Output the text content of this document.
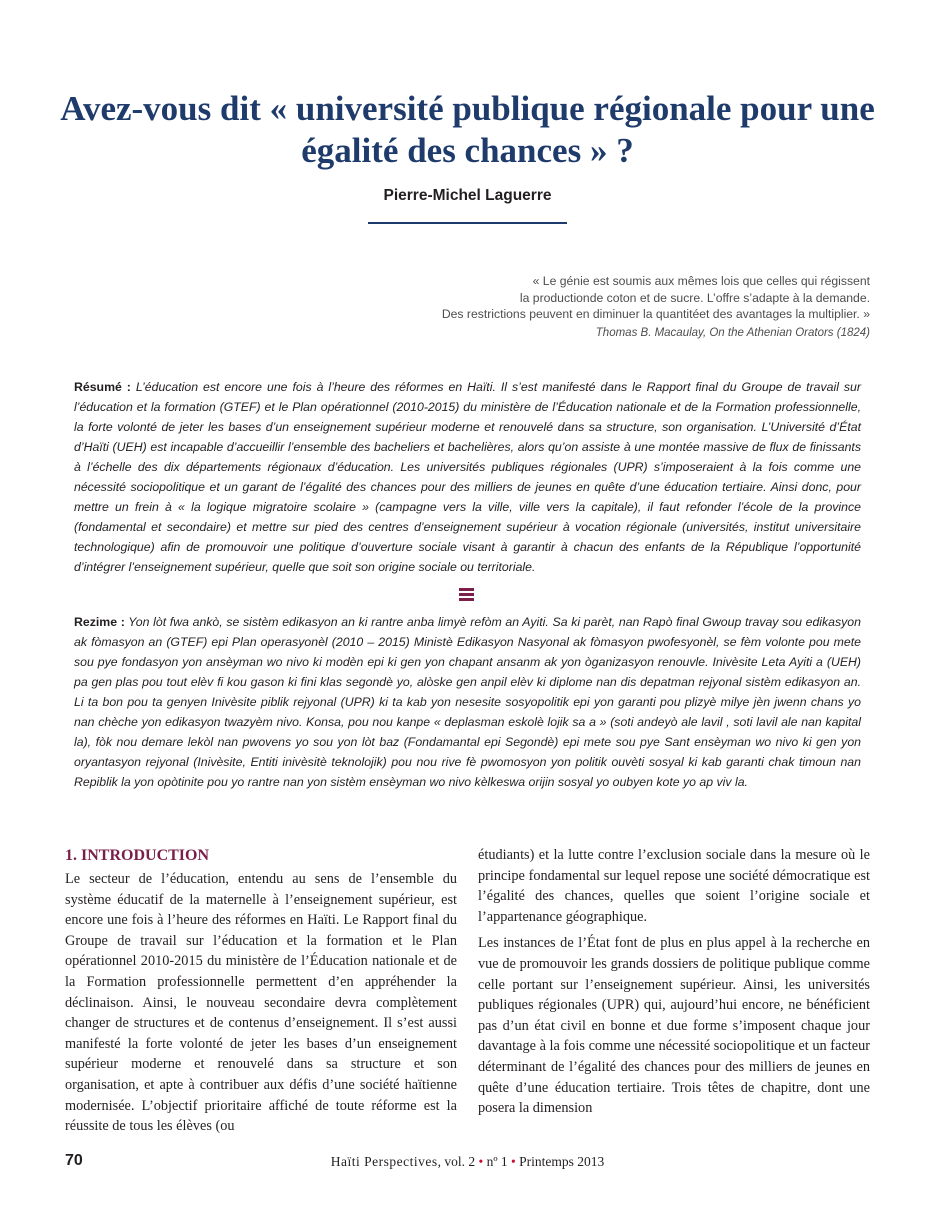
Avez-vous dit « université publique régionale pour une égalité des chances » ?
Pierre-Michel Laguerre
« Le génie est soumis aux mêmes lois que celles qui régissent
la productionde coton et de sucre. L’offre s’adapte à la demande.
Des restrictions peuvent en diminuer la quantitéet des avantages la multiplier. »
Thomas B. Macaulay, On the Athenian Orators (1824)

Résumé : L’éducation est encore une fois à l’heure des réformes en Haïti. Il s’est manifesté dans le Rapport final du Groupe de travail sur l’éducation et la formation (GTEF) et le Plan opérationnel (2010-2015) du ministère de l’Éducation nationale et de la Formation professionnelle, la forte volonté de jeter les bases d’un enseignement supérieur moderne et renouvelé dans sa structure, son organisation. L’Université d’État d’Haïti (UEH) est incapable d’accueillir l’ensemble des bacheliers et bachelières, alors qu’on assiste à une montée massive de flux de finissants à l’échelle des dix départements régionaux d’éducation. Les universités publiques régionales (UPR) s’imposeraient à la fois comme une nécessité sociopolitique et un garant de l’égalité des chances pour des milliers de jeunes en quête d’une éducation tertiaire. Ainsi donc, pour mettre un frein à « la logique migratoire scolaire » (campagne vers la ville, ville vers la capitale), il faut refonder l’école de la province (fondamental et secondaire) et mettre sur pied des centres d’enseignement supérieur à vocation régionale (universités, institut universitaire technologique) afin de promouvoir une politique d’ouverture sociale visant à garantir à chacun des enfants de la République l’opportunité d’intégrer l’enseignement supérieur, quelle que soit son origine sociale ou territoriale.

Rezime : Yon lòt fwa ankò, se sistèm edikasyon an ki rantre anba limyè refòm an Ayiti. Sa ki parèt, nan Rapò final Gwoup travay sou edikasyon ak fòmasyon an (GTEF) epi Plan operasyonèl (2010 – 2015) Ministè Edikasyon Nasyonal ak fòmasyon pwofesyonèl, se fèm volonte pou mete sou pye fondasyon yon ansèyman wo nivo ki modèn epi ki gen yon chapant ansanm ak yon òganizasyon renouvle. Inivèsite Leta Ayiti a (UEH) pa gen plas pou tout elèv fi kou gason ki fini klas segondè yo, alòske gen anpil elèv ki diplome nan dis depatman rejyonal sistèm edikasyon an. Li ta bon pou ta genyen Inivèsite piblik rejyonal (UPR) ki ta kab yon nesesite sosyopolitik epi yon garanti pou plizyè milye jèn jwenn chans yo nan chèche yon edikasyon twazyèm nivo. Konsa, pou nou kanpe « deplasman eskolè lojik sa a » (soti andeyò ale lavil , soti lavil ale nan kapital la), fòk nou demare lekòl nan pwovens yo sou yon lòt baz (Fondamantal epi Segondè) epi mete sou pye Sant ensèyman wo nivo ki gen yon oryantasyon rejyonal (Inivèsite, Entiti inivèsitè teknolojik) pou nou rive fè pwomosyon yon politik ouvèti sosyal ki kab garanti chak timoun nan Repiblik la yon opòtinite pou yo rantre nan yon sistèm ensèyman wo nivo kèlkeswa orijin sosyal yo oubyen kote yo ap viv la.

1. INTRODUCTION

Le secteur de l’éducation, entendu au sens de l’ensemble du système éducatif de la maternelle à l’enseignement supérieur, est encore une fois à l’heure des réformes en Haïti. Le Rapport final du Groupe de travail sur l’éducation et la formation et le Plan opérationnel 2010-2015 du ministère de l’Éducation nationale et de la Formation professionnelle permettent d’en appréhender la déclinaison. Ainsi, le nouveau secondaire devra complètement changer de structures et de contenus d’enseignement. Il s’est aussi manifesté la forte volonté de jeter les bases d’un enseignement supérieur moderne et renouvelé dans sa structure et son organisation, et apte à contribuer aux défis d’une société haïtienne modernisée. L’objectif prioritaire affiché de toute réforme est la réussite de tous les élèves (ou

étudiants) et la lutte contre l’exclusion sociale dans la mesure où le principe fondamental sur lequel repose une société démocratique est l’égalité des chances, quelles que soient l’origine sociale et l’appartenance géographique.

Les instances de l’État font de plus en plus appel à la recherche en vue de promouvoir les grands dossiers de politique publique comme celle portant sur l’enseignement supérieur. Ainsi, les universités publiques régionales (UPR) qui, aujourd’hui encore, ne bénéficient pas d’un état civil en bonne et due forme s’imposent chaque jour davantage à la fois comme une nécessité sociopolitique et un facteur déterminant de l’égalité des chances pour des milliers de jeunes en quête d’une éducation tertiaire. Trois têtes de chapitre, dont une posera la dimension

70	Haïti Perspectives, vol. 2 • nº 1 • Printemps 2013
